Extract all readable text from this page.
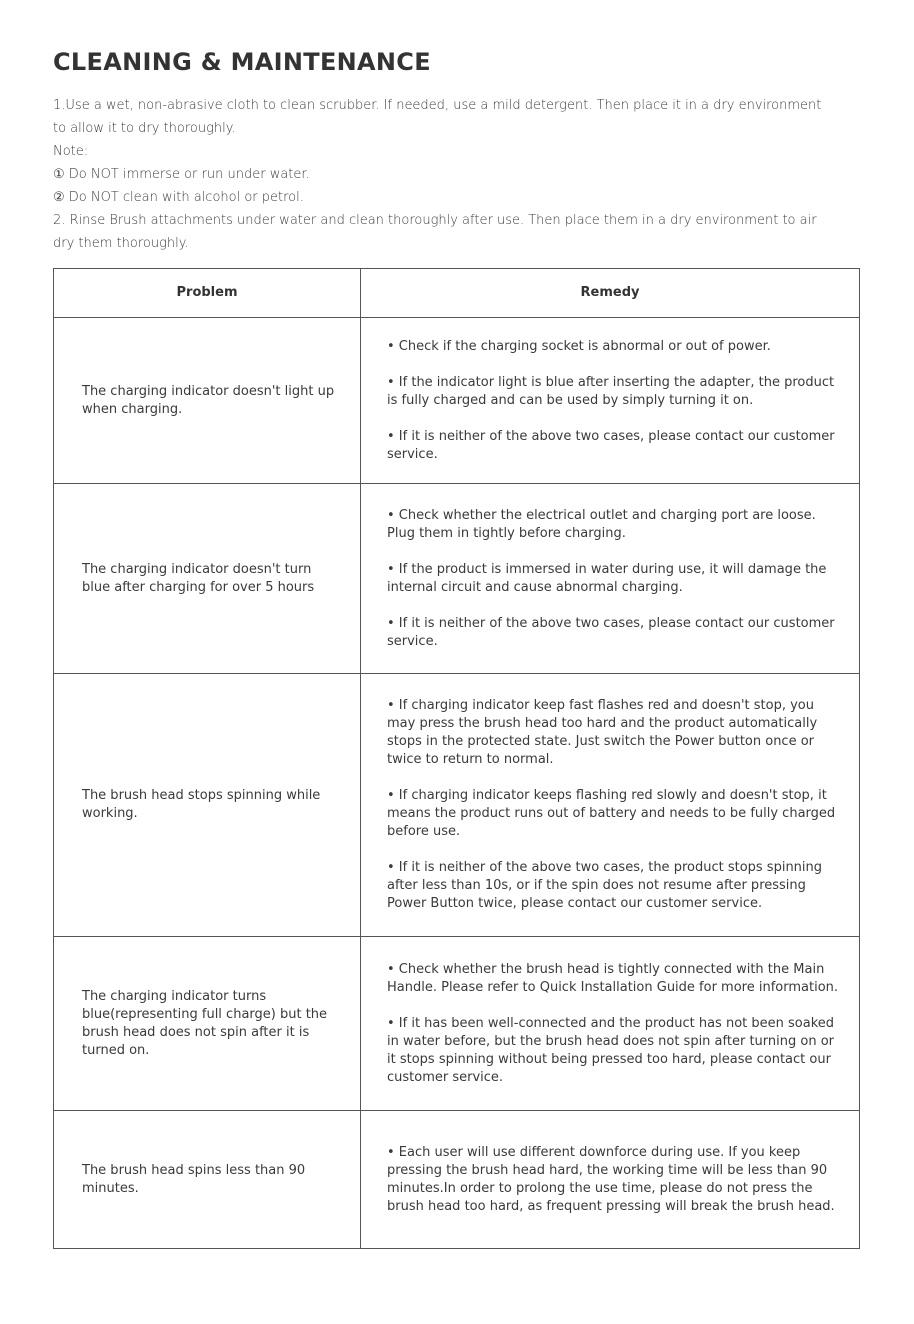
CLEANING & MAINTENANCE

1.Use a wet, non-abrasive cloth to clean scrubber. If needed, use a mild detergent. Then place it in a dry environment

to allow it to dry thoroughly.

Note:

① Do NOT immerse or run under water.

② Do NOT clean with alcohol or petrol.

2. Rinse Brush attachments under water and clean thoroughly after use. Then place them in a dry environment to air

dry them thoroughly.

Problem	Remedy
The charging indicator doesn't light up when charging.

• Check if the charging socket is abnormal or out of power.

• If the indicator light is blue after inserting the adapter, the product is fully charged and can be used by simply turning it on.

• If it is neither of the above two cases, please contact our customer service.

The charging indicator doesn't turn blue after charging for over 5 hours

• Check whether the electrical outlet and charging port are loose. Plug them in tightly before charging.

• If the product is immersed in water during use, it will damage the internal circuit and cause abnormal charging.

• If it is neither of the above two cases, please contact our customer service.

The brush head stops spinning while working.

• If charging indicator keep fast flashes red and doesn't stop, you may press the brush head too hard and the product automatically stops in the protected state. Just switch the Power button once or twice to return to normal.

• If charging indicator keeps flashing red slowly and doesn't stop, it means the product runs out of battery and needs to be fully charged before use.

• If it is neither of the above two cases, the product stops spinning after less than 10s, or if the spin does not resume after pressing Power Button twice, please contact our customer service.

The charging indicator turns blue(representing full charge) but the brush head does not spin after it is turned on.

• Check whether the brush head is tightly connected with the Main Handle. Please refer to Quick Installation Guide for more information.

• If it has been well-connected and the product has not been soaked in water before, but the brush head does not spin after turning on or it stops spinning without being pressed too hard, please contact our customer service.

The brush head spins less than 90 minutes.

• Each user will use different downforce during use. If you keep pressing the brush head hard, the working time will be less than 90 minutes.In order to prolong the use time, please do not press the brush head too hard, as frequent pressing will break the brush head.
